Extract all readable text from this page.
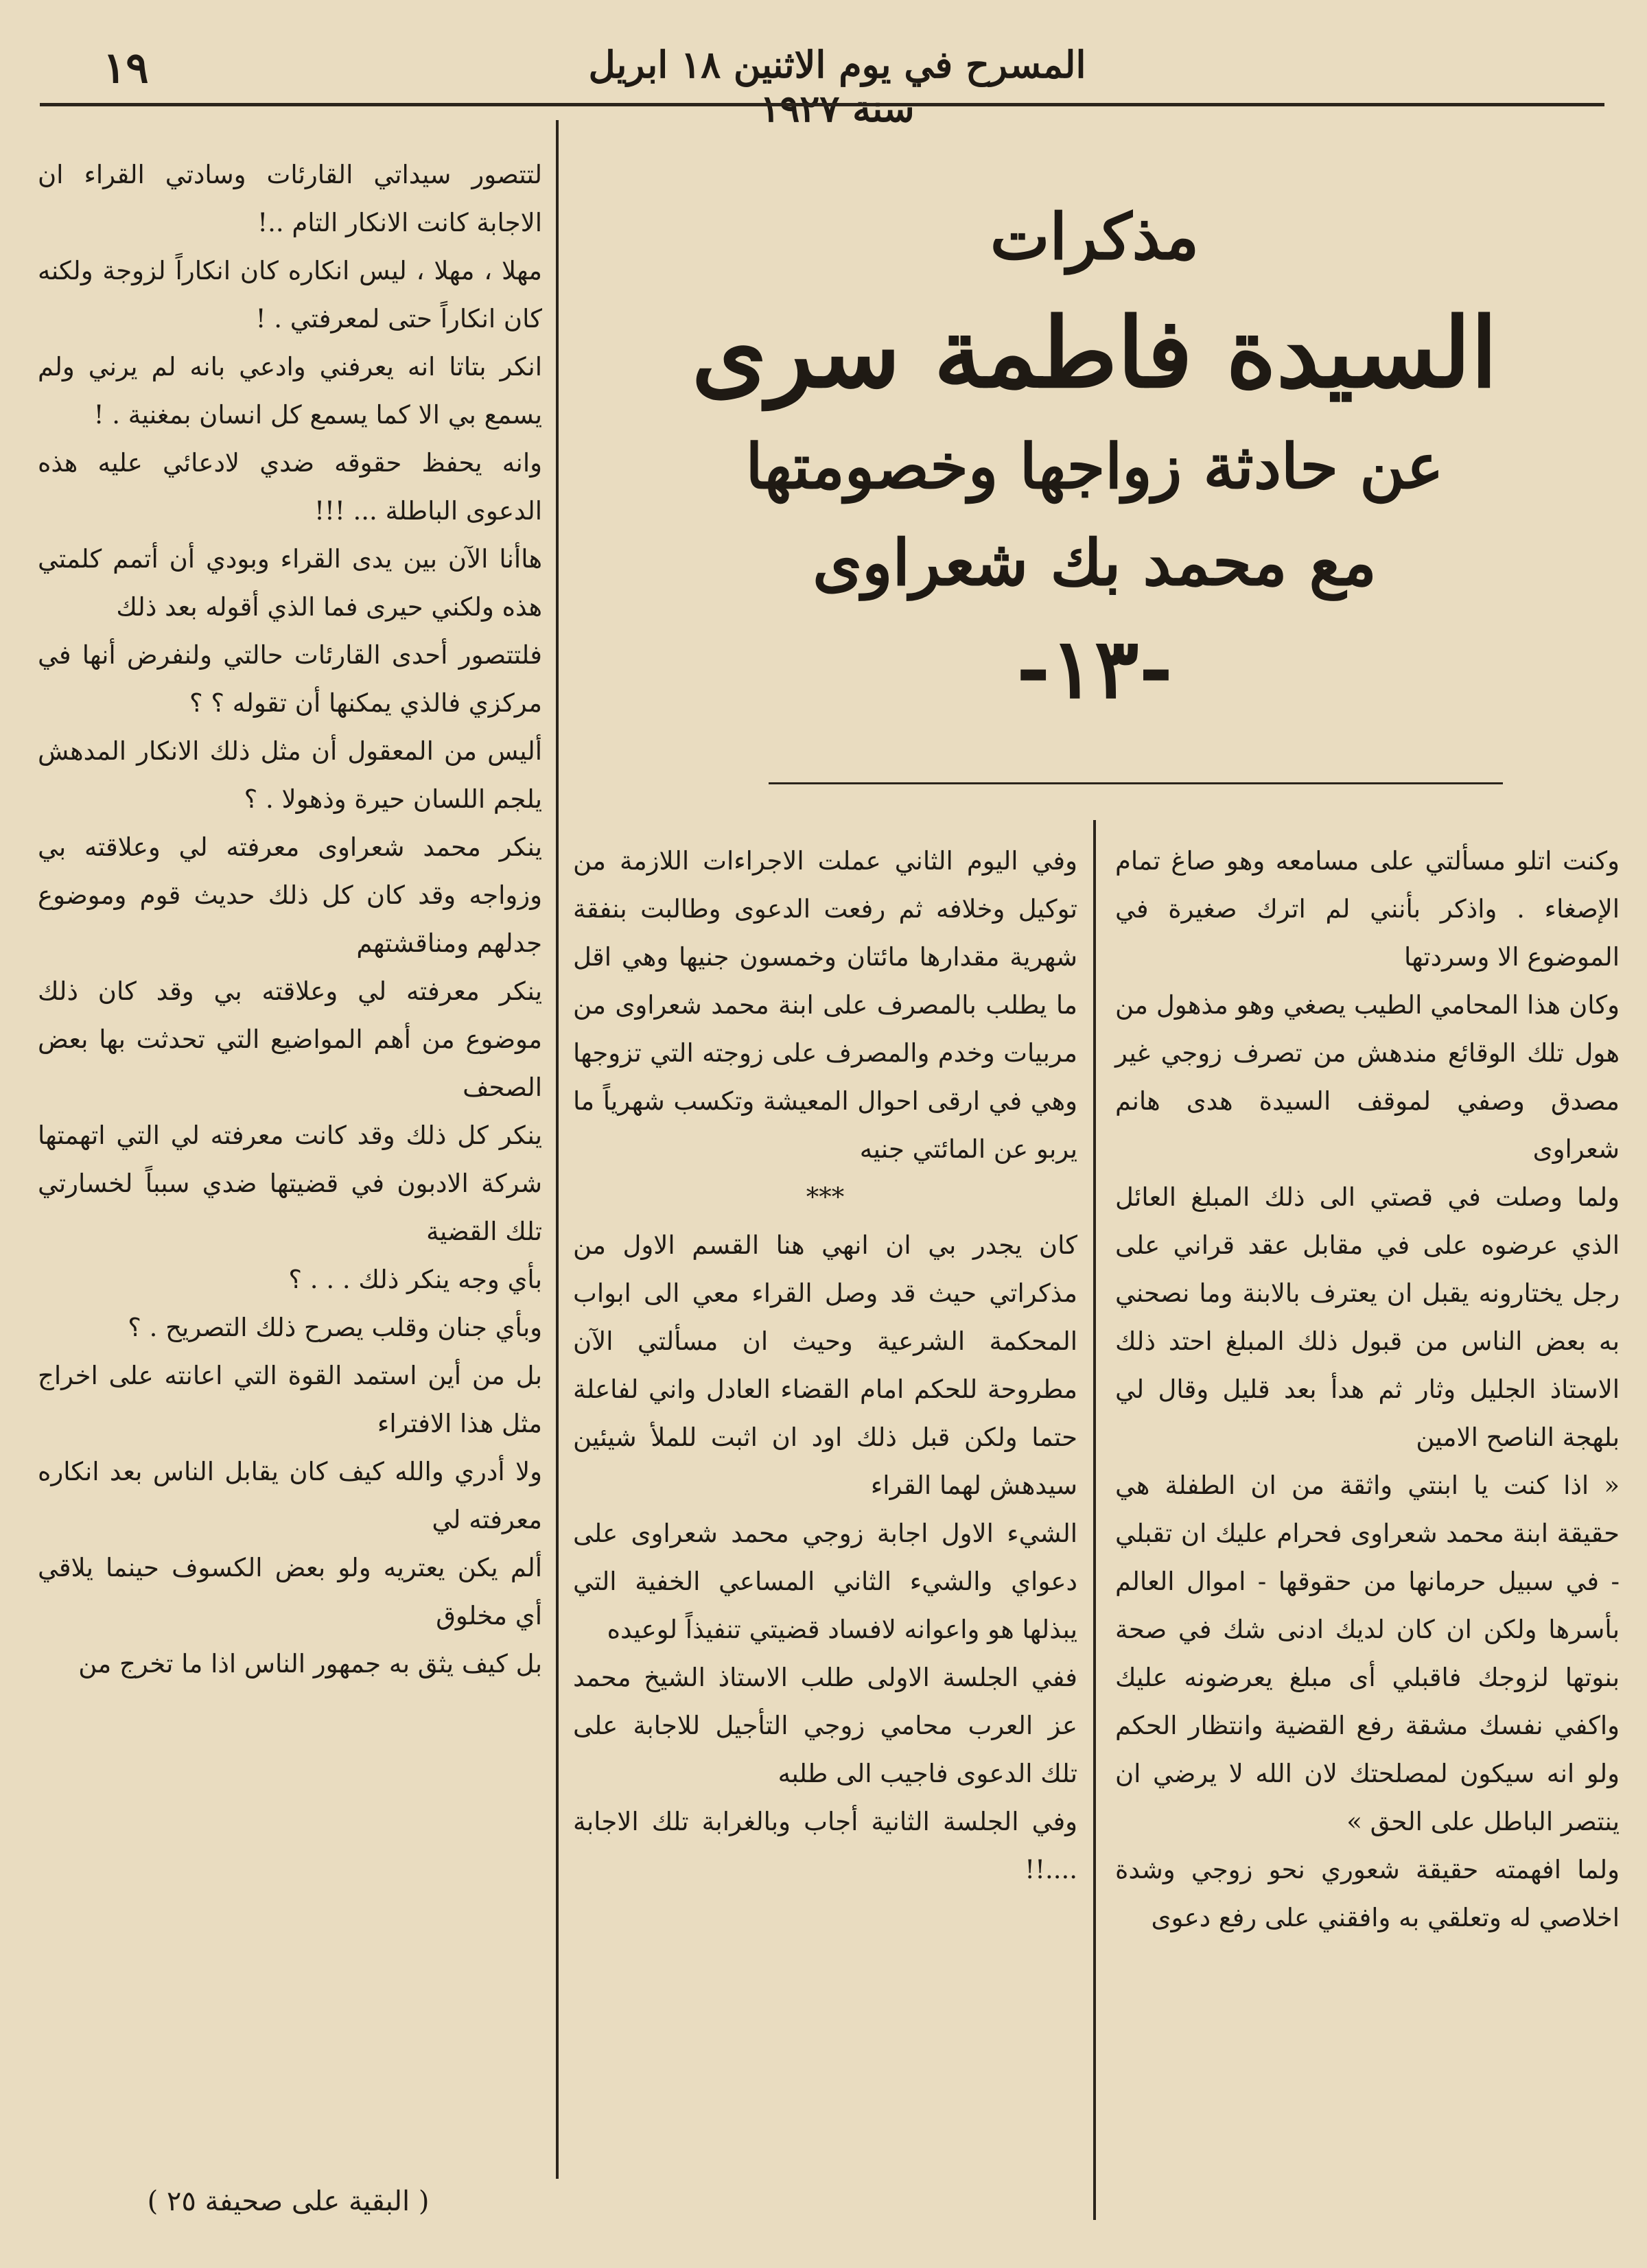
١٩	المسرح في يوم الاثنين ١٨ ابريل سنة ١٩٢٧
مذكرات
السيدة فاطمة سرى
عن حادثة زواجها وخصومتها
مع محمد بك شعراوى
-١٣-

وكنت اتلو مسألتي على مسامعه وهو صاغ تمام الإصغاء . واذكر بأنني لم اترك صغيرة في الموضوع الا وسردتها

وكان هذا المحامي الطيب يصغي وهو مذهول من هول تلك الوقائع مندهش من تصرف زوجي غير مصدق وصفي لموقف السيدة هدى هانم شعراوى

ولما وصلت في قصتي الى ذلك المبلغ العائل الذي عرضوه على في مقابل عقد قراني على رجل يختارونه يقبل ان يعترف بالابنة وما نصحني به بعض الناس من قبول ذلك المبلغ احتد ذلك الاستاذ الجليل وثار ثم هدأ بعد قليل وقال لي بلهجة الناصح الامين

« اذا كنت يا ابنتي واثقة من ان الطفلة هي حقيقة ابنة محمد شعراوى فحرام عليك ان تقبلي - في سبيل حرمانها من حقوقها - اموال العالم بأسرها ولكن ان كان لديك ادنى شك في صحة بنوتها لزوجك فاقبلي أى مبلغ يعرضونه عليك واكفي نفسك مشقة رفع القضية وانتظار الحكم ولو انه سيكون لمصلحتك لان الله لا يرضي ان ينتصر الباطل على الحق »

ولما افهمته حقيقة شعوري نحو زوجي وشدة اخلاصي له وتعلقي به وافقني على رفع دعوى

وفي اليوم الثاني عملت الاجراءات اللازمة من توكيل وخلافه ثم رفعت الدعوى وطالبت بنفقة شهرية مقدارها مائتان وخمسون جنيها وهي اقل ما يطلب بالمصرف على ابنة محمد شعراوى من مربيات وخدم والمصرف على زوجته التي تزوجها وهي في ارقى احوال المعيشة وتكسب شهرياً ما يربو عن المائتي جنيه

***

كان يجدر بي ان انهي هنا القسم الاول من مذكراتي حيث قد وصل القراء معي الى ابواب المحكمة الشرعية وحيث ان مسألتي الآن مطروحة للحكم امام القضاء العادل واني لفاعلة حتما ولكن قبل ذلك اود ان اثبت للملأ شيئين سيدهش لهما القراء

الشيء الاول اجابة زوجي محمد شعراوى على دعواي والشيء الثاني المساعي الخفية التي يبذلها هو واعوانه لافساد قضيتي تنفيذاً لوعيده

ففي الجلسة الاولى طلب الاستاذ الشيخ محمد عز العرب محامي زوجي التأجيل للاجابة على تلك الدعوى فاجيب الى طلبه

وفي الجلسة الثانية أجاب وبالغرابة تلك الاجابة ....!!

لتتصور سيداتي القارئات وسادتي القراء ان الاجابة كانت الانكار التام ..!

مهلا ، مهلا ، ليس انكاره كان انكاراً لزوجة ولكنه كان انكاراً حتى لمعرفتي . !

انكر بتاتا انه يعرفني وادعي بانه لم يرني ولم يسمع بي الا كما يسمع كل انسان بمغنية . !

وانه يحفظ حقوقه ضدي لادعائي عليه هذه الدعوى الباطلة ... !!!

هاأنا الآن بين يدى القراء وبودي أن أتمم كلمتي هذه ولكني حيرى فما الذي أقوله بعد ذلك

فلتتصور أحدى القارئات حالتي ولنفرض أنها في مركزي فالذي يمكنها أن تقوله ؟ ؟

أليس من المعقول أن مثل ذلك الانكار المدهش يلجم اللسان حيرة وذهولا . ؟

ينكر محمد شعراوى معرفته لي وعلاقته بي وزواجه وقد كان كل ذلك حديث قوم وموضوع جدلهم ومناقشتهم

ينكر معرفته لي وعلاقته بي وقد كان ذلك موضوع من أهم المواضيع التي تحدثت بها بعض الصحف

ينكر كل ذلك وقد كانت معرفته لي التي اتهمتها شركة الادبون في قضيتها ضدي سبباً لخسارتي تلك القضية

بأي وجه ينكر ذلك . . . ؟

وبأي جنان وقلب يصرح ذلك التصريح . ؟

بل من أين استمد القوة التي اعانته على اخراج مثل هذا الافتراء

ولا أدري والله كيف كان يقابل الناس بعد انكاره معرفته لي

ألم يكن يعتريه ولو بعض الكسوف حينما يلاقي أي مخلوق

بل كيف يثق به جمهور الناس اذا ما تخرج من

( البقية على صحيفة ٢٥ )
